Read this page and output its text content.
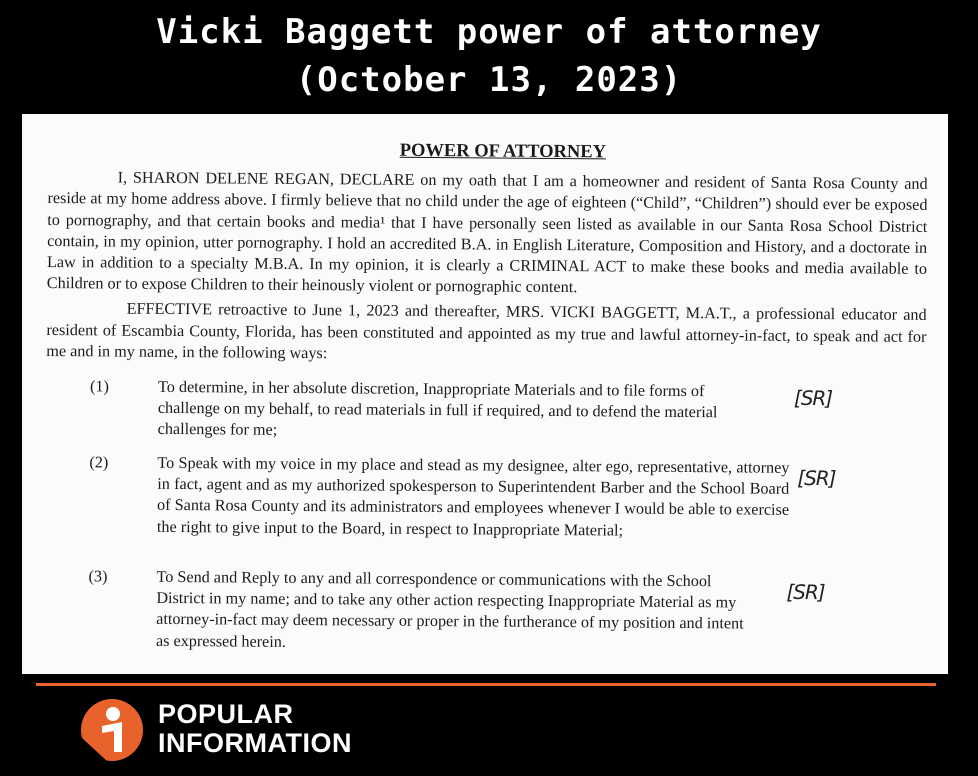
Vicki Baggett power of attorney
(October 13, 2023)
POWER OF ATTORNEY

I, SHARON DELENE REGAN, DECLARE on my oath that I am a homeowner and resident of Santa Rosa County and reside at my home address above. I firmly believe that no child under the age of eighteen (“Child”, “Children”) should ever be exposed to pornography, and that certain books and media¹ that I have personally seen listed as available in our Santa Rosa School District contain, in my opinion, utter pornography. I hold an accredited B.A. in English Literature, Composition and History, and a doctorate in Law in addition to a specialty M.B.A. In my opinion, it is clearly a CRIMINAL ACT to make these books and media available to Children or to expose Children to their heinously violent or pornographic content.

EFFECTIVE retroactive to June 1, 2023 and thereafter, MRS. VICKI BAGGETT, M.A.T., a professional educator and resident of Escambia County, Florida, has been constituted and appointed as my true and lawful attorney-in-fact, to speak and act for me and in my name, in the following ways:

(1)	To determine, in her absolute discretion, Inappropriate Materials and to file forms of challenge on my behalf, to read materials in full if required, and to defend the material challenges for me;
[SR]
(2)	To Speak with my voice in my place and stead as my designee, alter ego, representative, attorney in fact, agent and as my authorized spokesperson to Superintendent Barber and the School Board of Santa Rosa County and its administrators and employees whenever I would be able to exercise the right to give input to the Board, in respect to Inappropriate Material;
[SR]
(3)	To Send and Reply to any and all correspondence or communications with the School District in my name; and to take any other action respecting Inappropriate Material as my attorney-in-fact may deem necessary or proper in the furtherance of my position and intent as expressed herein.
[SR]
POPULAR
INFORMATION
